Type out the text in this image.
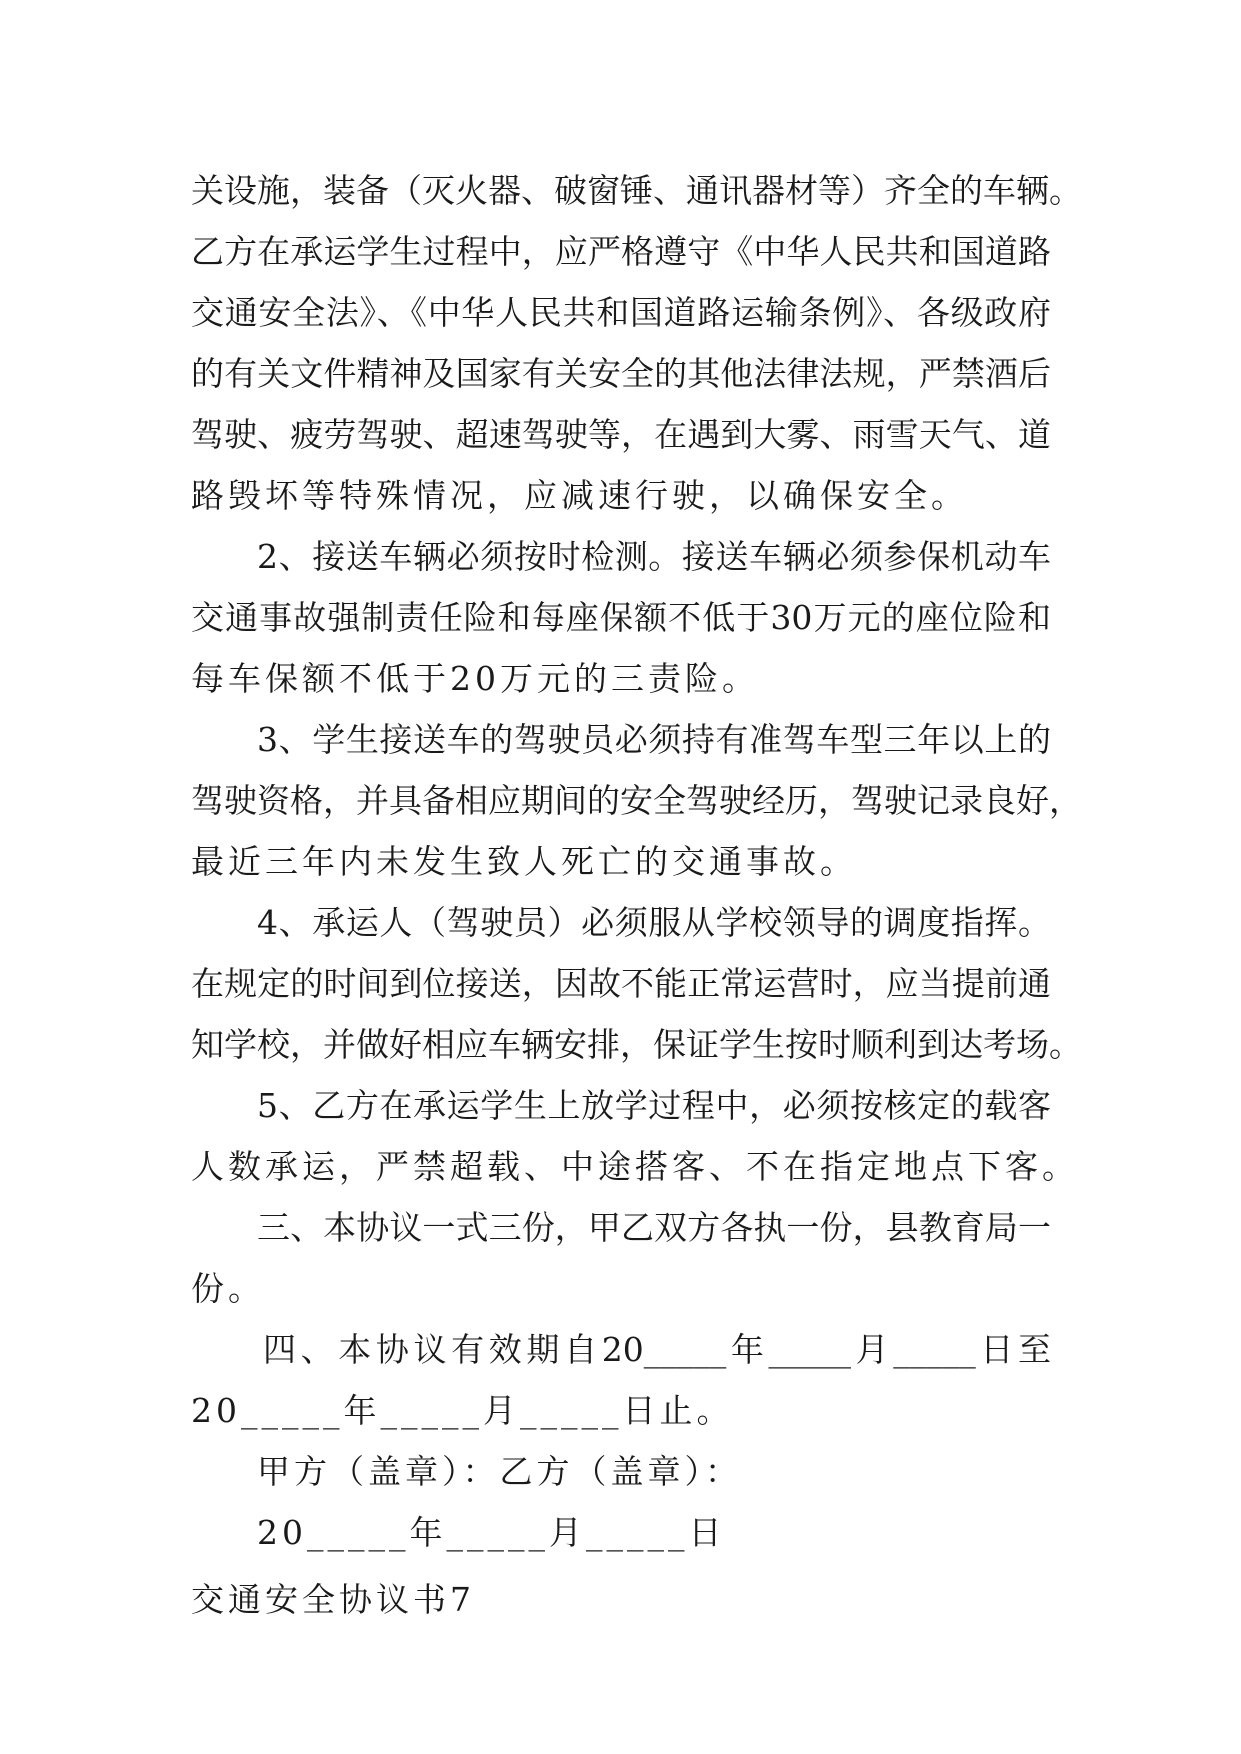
关设施，装备（灭火器、破窗锤、通讯器材等）齐全的车辆。
乙方在承运学生过程中，应严格遵守《中华人民共和国道路
交通安全法》、《中华人民共和国道路运输条例》、各级政府
的有关文件精神及国家有关安全的其他法律法规，严禁酒后
驾驶、疲劳驾驶、超速驾驶等，在遇到大雾、雨雪天气、道
路毁坏等特殊情况，应减速行驶，以确保安全。
2、接送车辆必须按时检测。接送车辆必须参保机动车
交通事故强制责任险和每座保额不低于30万元的座位险和
每车保额不低于20万元的三责险。
3、学生接送车的驾驶员必须持有准驾车型三年以上的
驾驶资格，并具备相应期间的安全驾驶经历，驾驶记录良好，
最近三年内未发生致人死亡的交通事故。
4、承运人（驾驶员）必须服从学校领导的调度指挥。
在规定的时间到位接送，因故不能正常运营时，应当提前通
知学校，并做好相应车辆安排，保证学生按时顺利到达考场。
5、乙方在承运学生上放学过程中，必须按核定的载客
人数承运，严禁超载、中途搭客、不在指定地点下客。
三、本协议一式三份，甲乙双方各执一份，县教育局一
份。
四、本协议有效期自20_____年_____月_____日至
20_____年_____月_____日止。
甲方（盖章）：乙方（盖章）：
20_____年_____月_____日
交通安全协议书7
